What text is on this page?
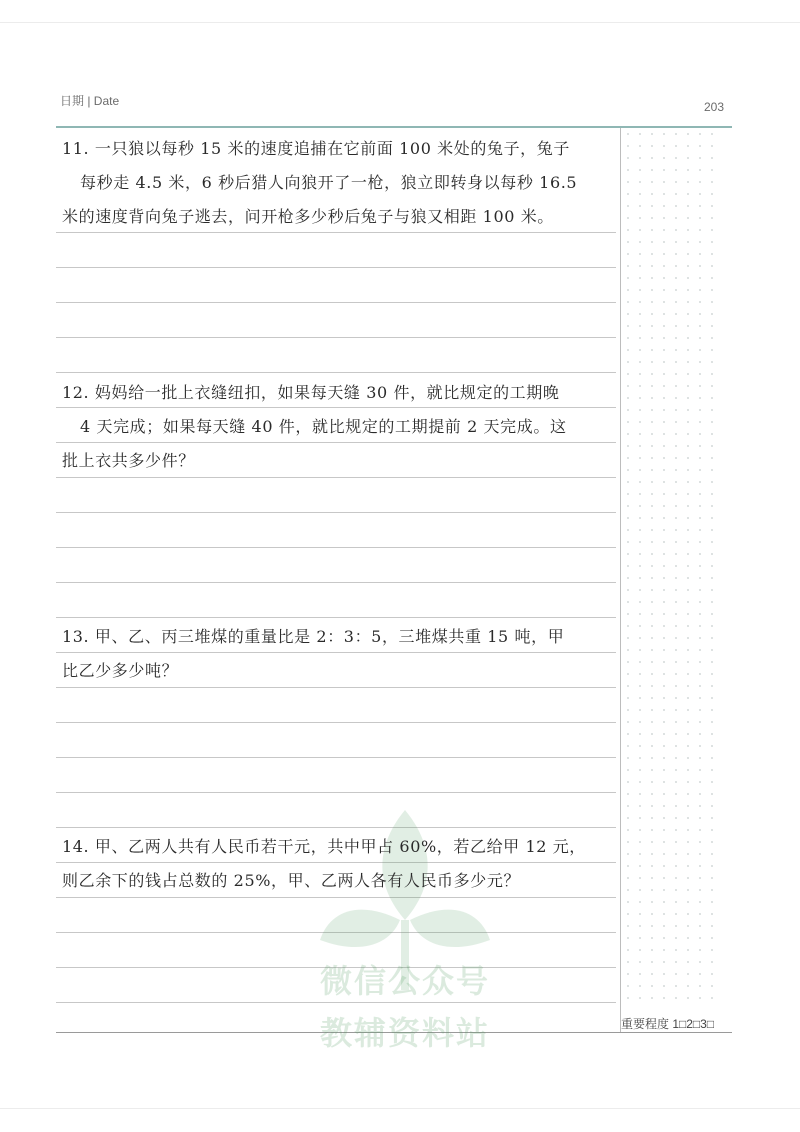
日期 | Date	203
微信公众号
教辅资料站
11. 一只狼以每秒 15 米的速度追捕在它前面 100 米处的兔子，兔子
每秒走 4.5 米，6 秒后猎人向狼开了一枪，狼立即转身以每秒 16.5
米的速度背向兔子逃去，问开枪多少秒后兔子与狼又相距 100 米。
12. 妈妈给一批上衣缝纽扣，如果每天缝 30 件，就比规定的工期晚
4 天完成；如果每天缝 40 件，就比规定的工期提前 2 天完成。这
批上衣共多少件？
13. 甲、乙、丙三堆煤的重量比是 2：3：5，三堆煤共重 15 吨，甲
比乙少多少吨？
14. 甲、乙两人共有人民币若干元，共中甲占 60%，若乙给甲 12 元，
则乙余下的钱占总数的 25%，甲、乙两人各有人民币多少元？
重要程度 1□2□3□
